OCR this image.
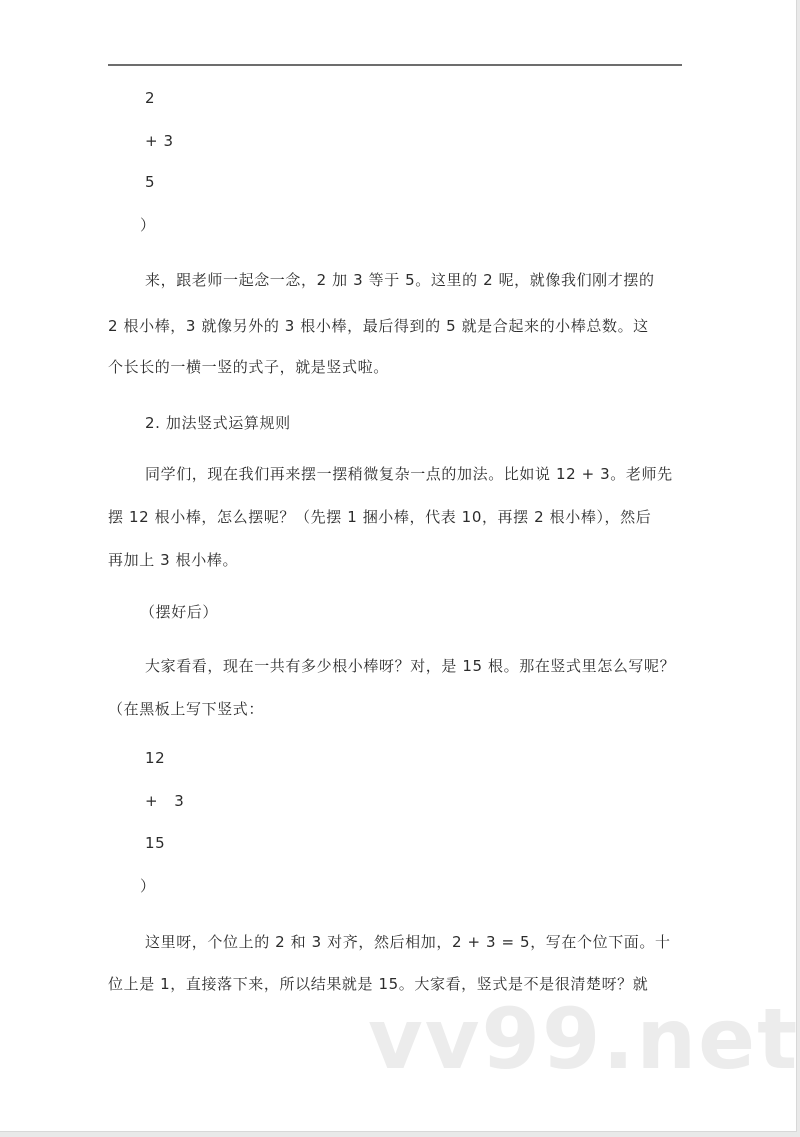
2
+ 3
5
）
来，跟老师一起念一念，2 加 3 等于 5。这里的 2 呢，就像我们刚才摆的
2 根小棒，3 就像另外的 3 根小棒，最后得到的 5 就是合起来的小棒总数。这
个长长的一横一竖的式子，就是竖式啦。
2. 加法竖式运算规则
同学们，现在我们再来摆一摆稍微复杂一点的加法。比如说 12 + 3。老师先
摆 12 根小棒，怎么摆呢？（先摆 1 捆小棒，代表 10，再摆 2 根小棒），然后
再加上 3 根小棒。
（摆好后）
大家看看，现在一共有多少根小棒呀？对，是 15 根。那在竖式里怎么写呢？
（在黑板上写下竖式：
12
+   3
15
）
这里呀，个位上的 2 和 3 对齐，然后相加，2 + 3 = 5，写在个位下面。十
位上是 1，直接落下来，所以结果就是 15。大家看，竖式是不是很清楚呀？就
vv99.net
